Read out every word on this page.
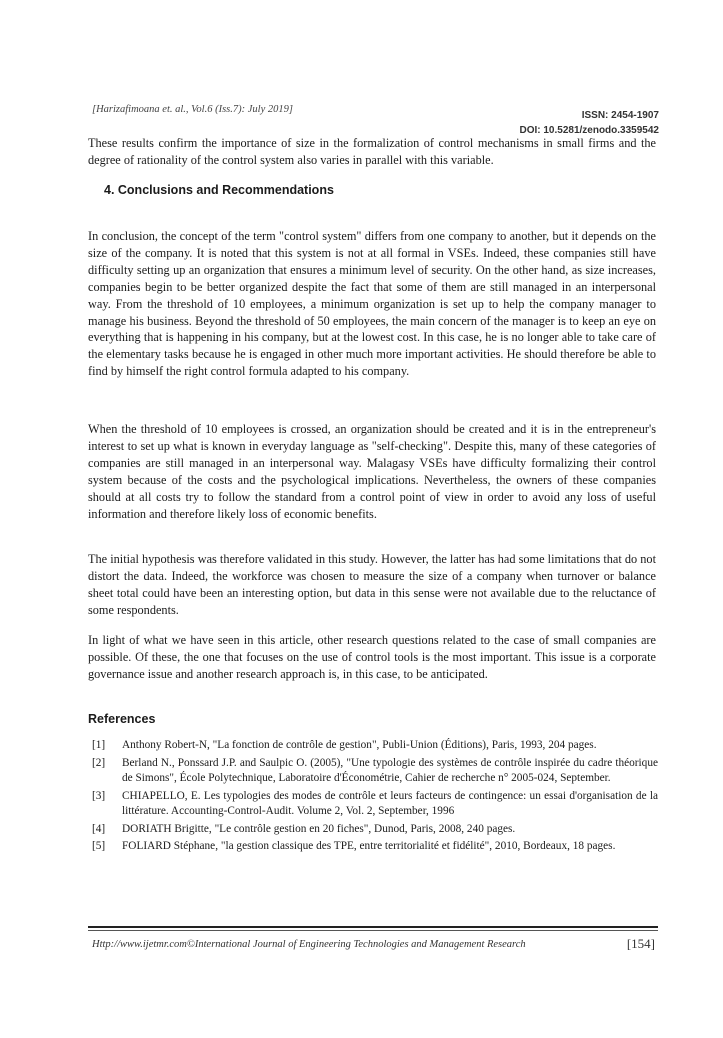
[Harizafimoana et. al., Vol.6 (Iss.7): July 2019]
ISSN: 2454-1907
DOI: 10.5281/zenodo.3359542

These results confirm the importance of size in the formalization of control mechanisms in small firms and the degree of rationality of the control system also varies in parallel with this variable.

4. Conclusions and Recommendations

In conclusion, the concept of the term "control system" differs from one company to another, but it depends on the size of the company. It is noted that this system is not at all formal in VSEs. Indeed, these companies still have difficulty setting up an organization that ensures a minimum level of security. On the other hand, as size increases, companies begin to be better organized despite the fact that some of them are still managed in an interpersonal way. From the threshold of 10 employees, a minimum organization is set up to help the company manager to manage his business. Beyond the threshold of 50 employees, the main concern of the manager is to keep an eye on everything that is happening in his company, but at the lowest cost. In this case, he is no longer able to take care of the elementary tasks because he is engaged in other much more important activities. He should therefore be able to find by himself the right control formula adapted to his company.

When the threshold of 10 employees is crossed, an organization should be created and it is in the entrepreneur's interest to set up what is known in everyday language as "self-checking". Despite this, many of these categories of companies are still managed in an interpersonal way. Malagasy VSEs have difficulty formalizing their control system because of the costs and the psychological implications. Nevertheless, the owners of these companies should at all costs try to follow the standard from a control point of view in order to avoid any loss of useful information and therefore likely loss of economic benefits.

The initial hypothesis was therefore validated in this study. However, the latter has had some limitations that do not distort the data. Indeed, the workforce was chosen to measure the size of a company when turnover or balance sheet total could have been an interesting option, but data in this sense were not available due to the reluctance of some respondents.

In light of what we have seen in this article, other research questions related to the case of small companies are possible. Of these, the one that focuses on the use of control tools is the most important. This issue is a corporate governance issue and another research approach is, in this case, to be anticipated.

References
[1]	Anthony Robert-N, "La fonction de contrôle de gestion", Publi-Union (Éditions), Paris, 1993, 204 pages.
[2]	Berland N., Ponssard J.P. and Saulpic O. (2005), "Une typologie des systèmes de contrôle inspirée du cadre théorique de Simons", École Polytechnique, Laboratoire d'Économétrie, Cahier de recherche n° 2005-024, September.
[3]	CHIAPELLO, E. Les typologies des modes de contrôle et leurs facteurs de contingence: un essai d'organisation de la littérature. Accounting-Control-Audit. Volume 2, Vol. 2, September, 1996
[4]	DORIATH Brigitte, "Le contrôle gestion en 20 fiches", Dunod, Paris, 2008, 240 pages.
[5]	FOLIARD Stéphane, "la gestion classique des TPE, entre territorialité et fidélité", 2010, Bordeaux, 18 pages.
Http://www.ijetmr.com©International Journal of Engineering Technologies and Management Research	[154]
